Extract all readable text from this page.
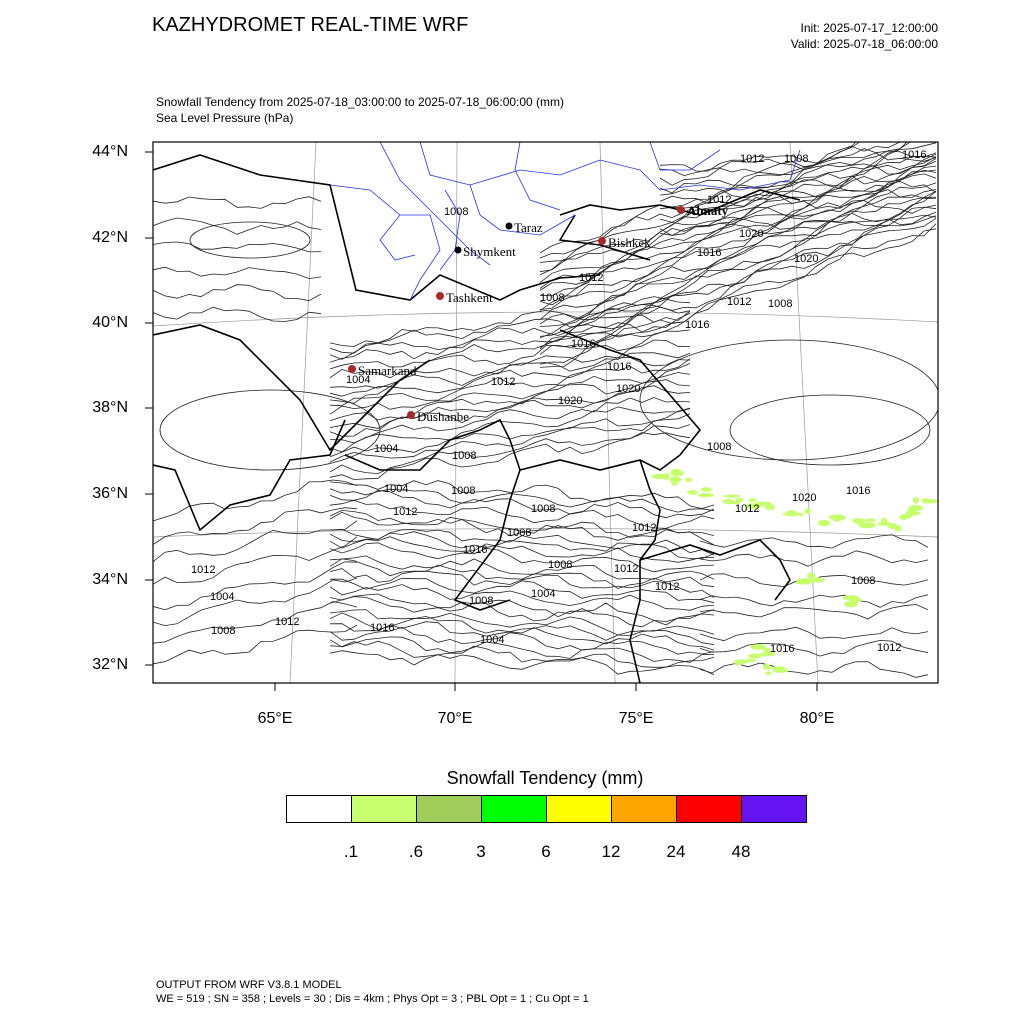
KAZHYDROMET REAL-TIME WRF	Init: 2025-07-17_12:00:00
Valid: 2025-07-18_06:00:00
Snowfall Tendency from 2025-07-18_03:00:00 to 2025-07-18_06:00:00 (mm)
Sea Level Pressure (hPa)
1012 1008	1016
1008
1012
1020
1016	1020
1012
1008
1016
1008
1012
1016
1004
1016
1020
1012
1020
1008
1004
1008
1004
1012
1008
1016
1020
1012
1008
1016
1012
1008
1012
1004
1008	1012
1012
1008
1004
1016
1012
1008
1008
1004
1016	1012
Taraz
Shymkent
Almaty
Bishkek
Tashkent
Samarkand
Dushanbe
44°N
42°N
40°N
38°N
36°N
34°N
32°N
65°E	70°E	75°E	80°E
Snowfall Tendency (mm)
.1	.6	3	6	12	24	48
OUTPUT FROM WRF V3.8.1 MODEL
WE = 519 ; SN = 358 ; Levels = 30 ; Dis = 4km ; Phys Opt = 3 ; PBL Opt = 1 ; Cu Opt = 1
